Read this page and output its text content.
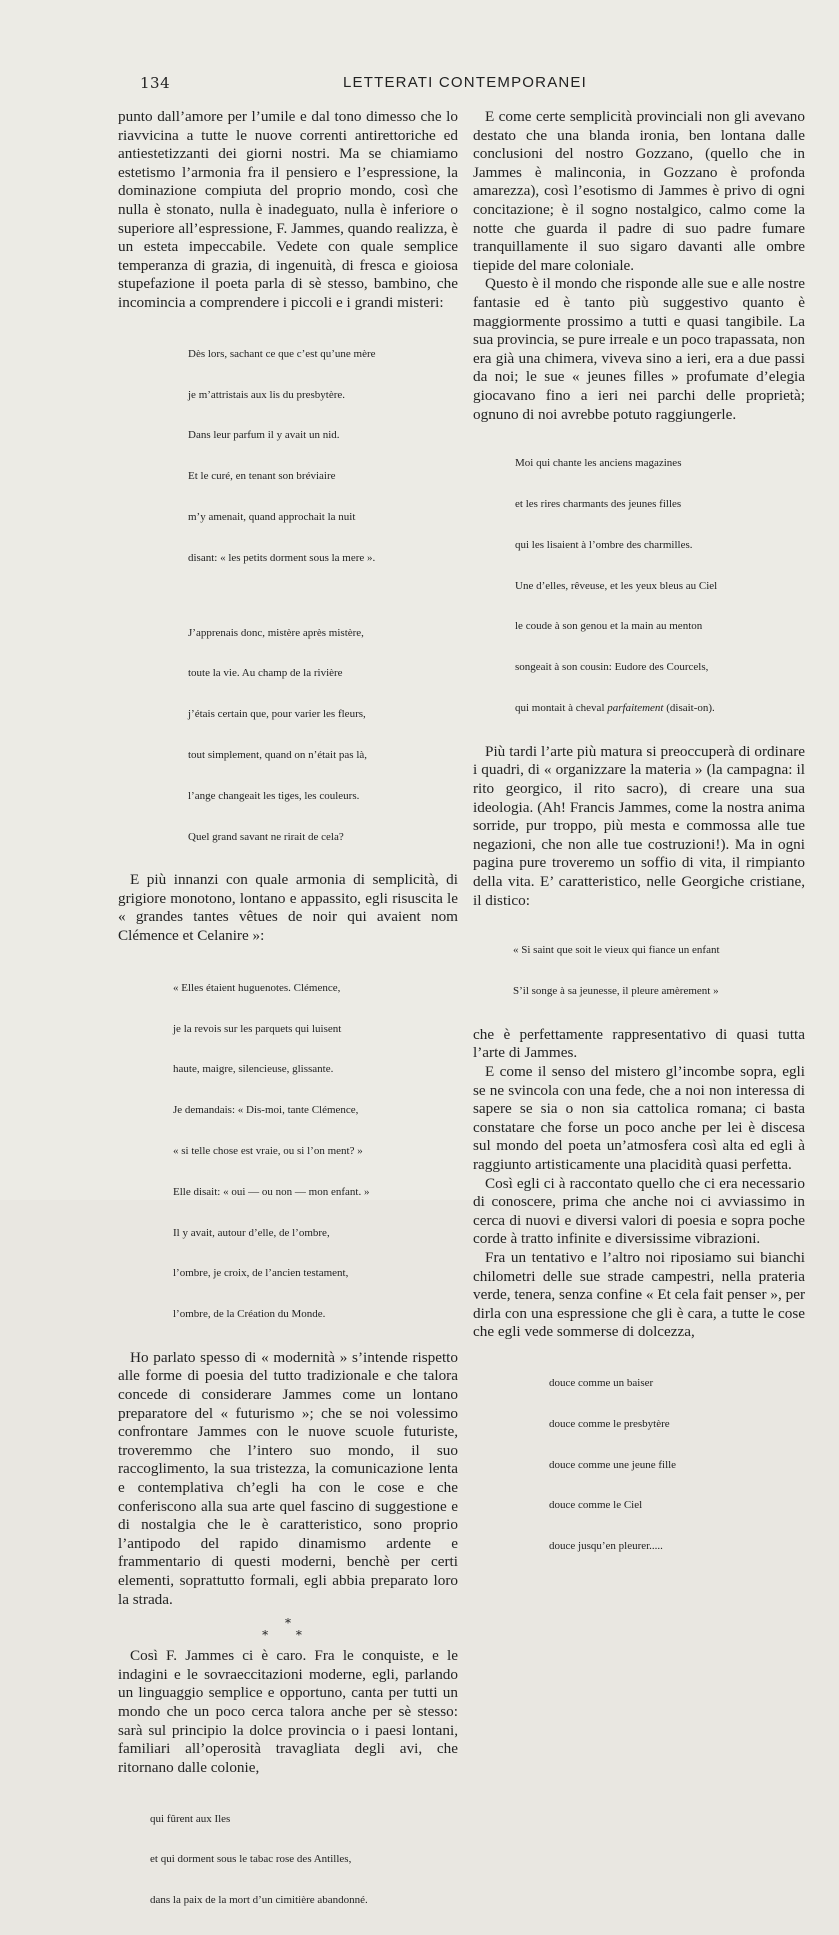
134	LETTERATI CONTEMPORANEI

punto dall’amore per l’umile e dal tono dimesso che lo riavvicina a tutte le nuove correnti antirettoriche ed antiestetizzanti dei giorni nostri. Ma se chiamiamo estetismo l’armonia fra il pensiero e l’espressione, la dominazione compiuta del proprio mondo, così che nulla è stonato, nulla è inadeguato, nulla è inferiore o superiore all’espressione, F. Jammes, quando realizza, è un esteta impeccabile. Vedete con quale semplice temperanza di grazia, di ingenuità, di fresca e gioiosa stupefazione il poeta parla di sè stesso, bambino, che incomincia a comprendere i piccoli e i grandi misteri:

Dès lors, sachant ce que c’est qu’une mère

je m’attristais aux lis du presbytère.

Dans leur parfum il y avait un nid.

Et le curé, en tenant son bréviaire

m’y amenait, quand approchait la nuit

disant: « les petits dorment sous la mere ».

J’apprenais donc, mistère après mistère,

toute la vie. Au champ de la rivière

j’étais certain que, pour varier les fleurs,

tout simplement, quand on n’était pas là,

l’ange changeait les tiges, les couleurs.

Quel grand savant ne rirait de cela?

E più innanzi con quale armonia di semplicità, di grigiore monotono, lontano e appassito, egli risuscita le « grandes tantes vêtues de noir qui avaient nom Clémence et Celanire »:

« Elles étaient huguenotes. Clémence,

je la revois sur les parquets qui luisent

haute, maigre, silencieuse, glissante.

Je demandais: « Dis-moi, tante Clémence,

« si telle chose est vraie, ou si l’on ment? »

Elle disait: « oui — ou non — mon enfant. »

Il y avait, autour d’elle, de l’ombre,

l’ombre, je croix, de l’ancien testament,

l’ombre, de la Création du Monde.

Ho parlato spesso di « modernità » s’intende rispetto alle forme di poesia del tutto tradizionale e che talora concede di considerare Jammes come un lontano preparatore del « futurismo »; che se noi volessimo confrontare Jammes con le nuove scuole futuriste, troveremmo che l’intero suo mondo, il suo raccoglimento, la sua tristezza, la comunicazione lenta e contemplativa ch’egli ha con le cose e che conferiscono alla sua arte quel fascino di suggestione e di nostalgia che le è caratteristico, sono proprio l’antipodo del rapido dinamismo ardente e frammentario di questi moderni, benchè per certi elementi, soprattutto formali, egli abbia preparato loro la strada.

*
* *

Così F. Jammes ci è caro. Fra le conquiste, e le indagini e le sovraeccitazioni moderne, egli, parlando un linguaggio semplice e opportuno, canta per tutti un mondo che un poco cerca talora anche per sè stesso: sarà sul principio la dolce provincia o i paesi lontani, familiari all’operosità travagliata degli avi, che ritornano dalle colonie,

qui fûrent aux Iles

et qui dorment sous le tabac rose des Antilles,

dans la paix de la mort d’un cimitière abandonné.

E come certe semplicità provinciali non gli avevano destato che una blanda ironia, ben lontana dalle conclusioni del nostro Gozzano, (quello che in Jammes è malinconia, in Gozzano è profonda amarezza), così l’esotismo di Jammes è privo di ogni concitazione; è il sogno nostalgico, calmo come la notte che guarda il padre di suo padre fumare tranquillamente il suo sigaro davanti alle ombre tiepide del mare coloniale.

Questo è il mondo che risponde alle sue e alle nostre fantasie ed è tanto più suggestivo quanto è maggiormente prossimo a tutti e quasi tangibile. La sua provincia, se pure irreale e un poco trapassata, non era già una chimera, viveva sino a ieri, era a due passi da noi; le sue « jeunes filles » profumate d’elegia giocavano fino a ieri nei parchi delle proprietà; ognuno di noi avrebbe potuto raggiungerle.

Moi qui chante les anciens magazines

et les rires charmants des jeunes filles

qui les lisaient à l’ombre des charmilles.

Une d’elles, rêveuse, et les yeux bleus au Ciel

le coude à son genou et la main au menton

songeait à son cousin: Eudore des Courcels,

qui montait à cheval parfaitement (disait-on).

Più tardi l’arte più matura si preoccuperà di ordinare i quadri, di « organizzare la materia » (la campagna: il rito georgico, il rito sacro), di creare una sua ideologia. (Ah! Francis Jammes, come la nostra anima sorride, pur troppo, più mesta e commossa alle tue negazioni, che non alle tue costruzioni!). Ma in ogni pagina pure troveremo un soffio di vita, il rimpianto della vita. E’ caratteristico, nelle Georgiche cristiane, il distico:

« Si saint que soit le vieux qui fiance un enfant

S’il songe à sa jeunesse, il pleure amèrement »

che è perfettamente rappresentativo di quasi tutta l’arte di Jammes.

E come il senso del mistero gl’incombe sopra, egli se ne svincola con una fede, che a noi non interessa di sapere se sia o non sia cattolica romana; ci basta constatare che forse un poco anche per lei è discesa sul mondo del poeta un’atmosfera così alta ed egli à raggiunto artisticamente una placidità quasi perfetta.

Così egli ci à raccontato quello che ci era necessario di conoscere, prima che anche noi ci avviassimo in cerca di nuovi e diversi valori di poesia e sopra poche corde à tratto infinite e diversissime vibrazioni.

Fra un tentativo e l’altro noi riposiamo sui bianchi chilometri delle sue strade campestri, nella prateria verde, tenera, senza confine « Et cela fait penser », per dirla con una espressione che gli è cara, a tutte le cose che egli vede sommerse di dolcezza,

douce comme un baiser

douce comme le presbytère

douce comme une jeune fille

douce comme le Ciel

douce jusqu’en pleurer.....
